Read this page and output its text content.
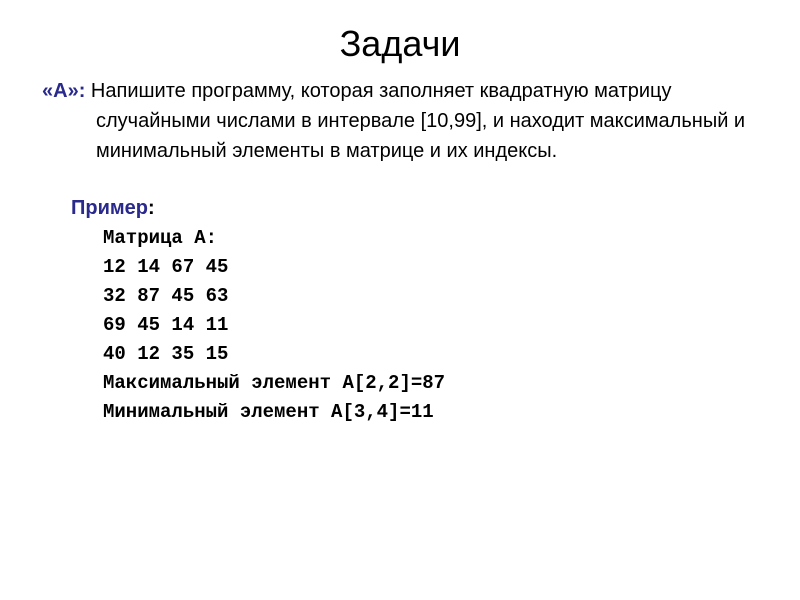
Задачи

«A»: Напишите программу, которая заполняет квадратную матрицу случайными числами в интервале [10,99], и находит максимальный и минимальный элементы в матрице и их индексы.

Пример:

Матрица А:
12 14 67 45
32 87 45 63
69 45 14 11
40 12 35 15
Максимальный элемент A[2,2]=87
Минимальный элемент A[3,4]=11
